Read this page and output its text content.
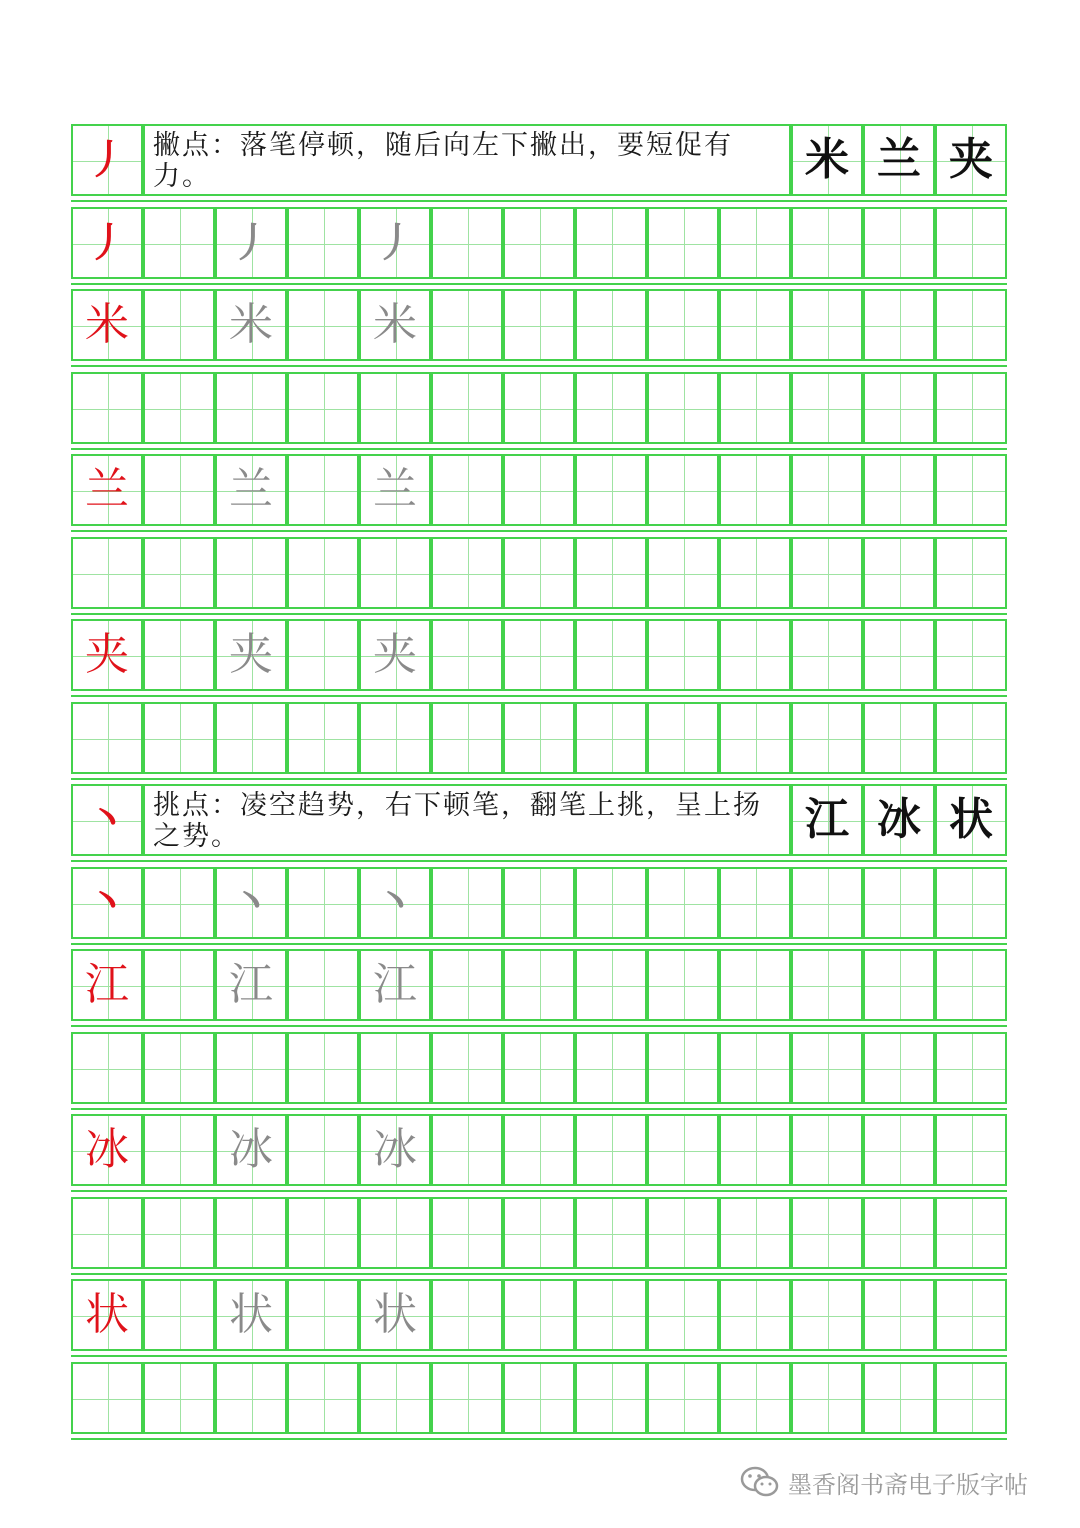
丿 撇点：落笔停顿，随后向左下撇出，要短促有力。	米 兰 夹
丿	丿	丿
米	米	米
兰	兰	兰
夹	夹	夹
丶 挑点：凌空趋势，右下顿笔，翻笔上挑，呈上扬之势。	江 冰 状
丶	丶	丶
江	江	江
冰	冰	冰
状	状	状
墨香阁书斋电子版字帖
